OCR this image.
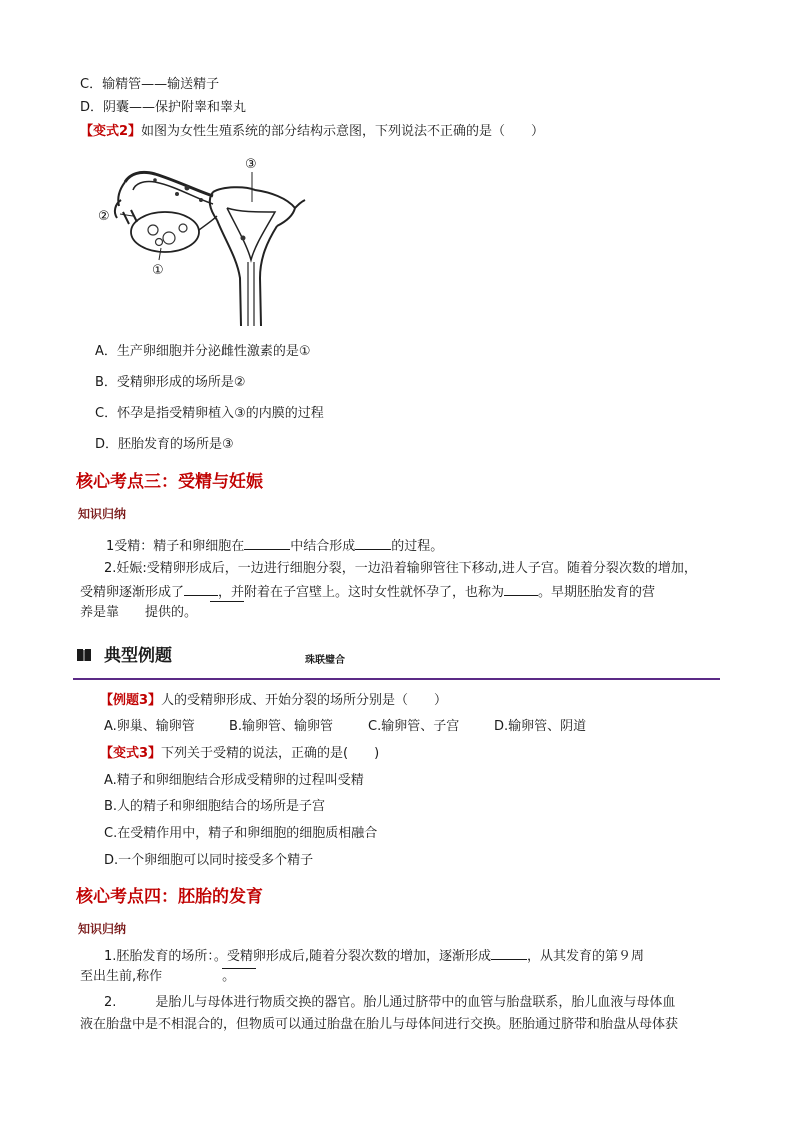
C．输精管——输送精子
D．阴囊——保护附睾和睾丸
【变式2】如图为女性生殖系统的部分结构示意图，下列说法不正确的是（　　）
③
②
①
A．生产卵细胞并分泌雌性激素的是①
B．受精卵形成的场所是②
C．怀孕是指受精卵植入③的内膜的过程
D．胚胎发育的场所是③
核心考点三：受精与妊娠
知识归纳
1受精：精子和卵细胞在	中结合形成	的过程。
2.妊娠:受精卵形成后，一边进行细胞分裂，一边沿着输卵管往下移动,进人子宫。随着分裂次数的增加，
受精卵逐渐形成了	，并附着在子宫壁上。这时女性就怀孕了，也称为	。早期胚胎发育的营
养是靠　　提供的。
典型例题	珠联璧合
【例题3】人的受精卵形成、开始分裂的场所分别是（　　）
A.卵巢、输卵管	B.输卵管、输卵管	C.输卵管、子宫	D.输卵管、阴道
【变式3】下列关于受精的说法，正确的是(　　)
A.精子和卵细胞结合形成受精卵的过程叫受精
B.人的精子和卵细胞结合的场所是子宫
C.在受精作用中，精子和卵细胞的细胞质相融合
D.一个卵细胞可以同时接受多个精子
核心考点四：胚胎的发育
知识归纳
1.胚胎发育的场所：。受精卵形成后,随着分裂次数的增加，逐渐形成	，从其发育的第９周
至出生前,称作	。
2.　　　是胎儿与母体进行物质交换的器官。胎儿通过脐带中的血管与胎盘联系，胎儿血液与母体血
液在胎盘中是不相混合的，但物质可以通过胎盘在胎儿与母体间进行交换。胚胎通过脐带和胎盘从母体获
